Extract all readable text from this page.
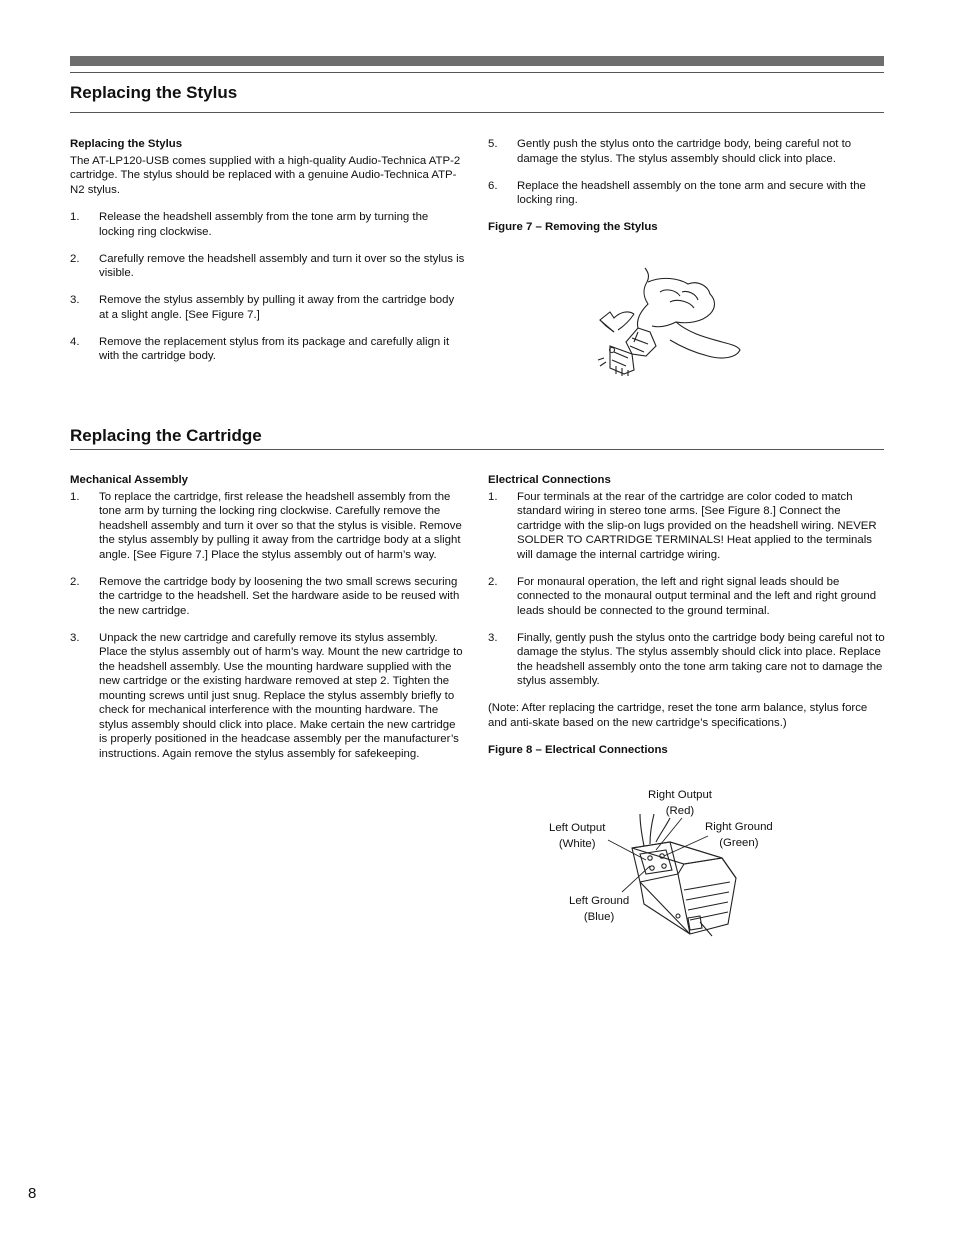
Replacing the Stylus
Replacing the Stylus
The AT-LP120-USB comes supplied with a high-quality Audio-Technica ATP-2 cartridge. The stylus should be replaced with a genuine Audio-Technica ATP-N2 stylus.
1. Release the headshell assembly from the tone arm by turning the locking ring clockwise.
2. Carefully remove the headshell assembly and turn it over so the stylus is visible.
3. Remove the stylus assembly by pulling it away from the cartridge body at a slight angle. [See Figure 7.]
4. Remove the replacement stylus from its package and carefully align it with the cartridge body.
5. Gently push the stylus onto the cartridge body, being careful not to damage the stylus. The stylus assembly should click into place.
6. Replace the headshell assembly on the tone arm and secure with the locking ring.
Figure 7 – Removing the Stylus
Replacing the Cartridge
Mechanical Assembly
1. To replace the cartridge, first release the headshell assembly from the tone arm by turning the locking ring clockwise. Carefully remove the headshell assembly and turn it over so that the stylus is visible. Remove the stylus assembly by pulling it away from the cartridge body at a slight angle. [See Figure 7.] Place the stylus assembly out of harm’s way.
2. Remove the cartridge body by loosening the two small screws securing the cartridge to the headshell. Set the hardware aside to be reused with the new cartridge.
3. Unpack the new cartridge and carefully remove its stylus assembly. Place the stylus assembly out of harm’s way. Mount the new cartridge to the headshell assembly. Use the mounting hardware supplied with the new cartridge or the existing hardware removed at step 2. Tighten the mounting screws until just snug. Replace the stylus assembly briefly to check for mechanical interference with the mounting hardware. The stylus assembly should click into place. Make certain the new cartridge is properly positioned in the headcase assembly per the manufacturer’s instructions. Again remove the stylus assembly for safekeeping.
Electrical Connections
1. Four terminals at the rear of the cartridge are color coded to match standard wiring in stereo tone arms. [See Figure 8.] Connect the cartridge with the slip-on lugs provided on the headshell wiring. NEVER SOLDER TO CARTRIDGE TERMINALS! Heat applied to the terminals will damage the internal cartridge wiring.
2. For monaural operation, the left and right signal leads should be connected to the monaural output terminal and the left and right ground leads should be connected to the ground terminal.
3. Finally, gently push the stylus onto the cartridge body being careful not to damage the stylus. The stylus assembly should click into place. Replace the headshell assembly onto the tone arm taking care not to damage the stylus assembly.
(Note: After replacing the cartridge, reset the tone arm balance, stylus force and anti-skate based on the new cartridge’s specifications.)
Figure 8 – Electrical Connections
Right Output
(Red)
Left Output
(White)
Right Ground
(Green)
Left Ground
(Blue)
8
